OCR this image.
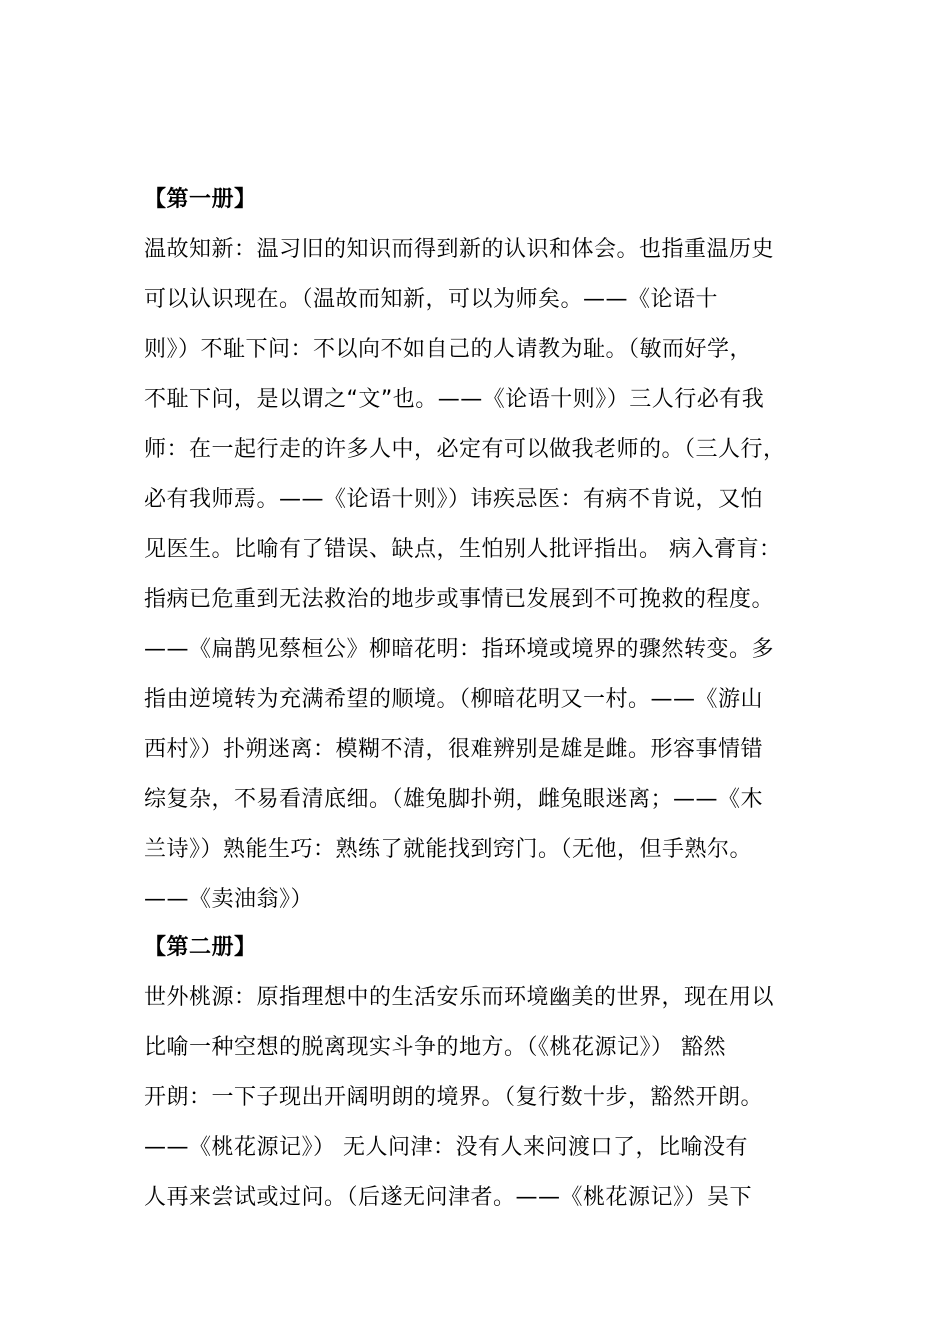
【第一册】
温故知新：温习旧的知识而得到新的认识和体会。也指重温历史
可以认识现在。（温故而知新，可以为师矣。——《论语十
则》）不耻下问：不以向不如自己的人请教为耻。（敏而好学，
不耻下问，是以谓之“文”也。——《论语十则》）三人行必有我
师：在一起行走的许多人中，必定有可以做我老师的。（三人行，
必有我师焉。——《论语十则》）讳疾忌医：有病不肯说，又怕
见医生。比喻有了错误、缺点，生怕别人批评指出。 病入膏肓：
指病已危重到无法救治的地步或事情已发展到不可挽救的程度。
——《扁鹊见蔡桓公》柳暗花明：指环境或境界的骤然转变。多
指由逆境转为充满希望的顺境。（柳暗花明又一村。——《游山
西村》）扑朔迷离：模糊不清，很难辨别是雄是雌。形容事情错
综复杂，不易看清底细。（雄兔脚扑朔，雌兔眼迷离；——《木
兰诗》）熟能生巧：熟练了就能找到窍门。（无他，但手熟尔。
——《卖油翁》）
【第二册】
世外桃源：原指理想中的生活安乐而环境幽美的世界，现在用以
比喻一种空想的脱离现实斗争的地方。（《桃花源记》） 豁然
开朗：一下子现出开阔明朗的境界。（复行数十步，豁然开朗。
——《桃花源记》） 无人问津：没有人来问渡口了，比喻没有
人再来尝试或过问。（后遂无问津者。——《桃花源记》）吴下
